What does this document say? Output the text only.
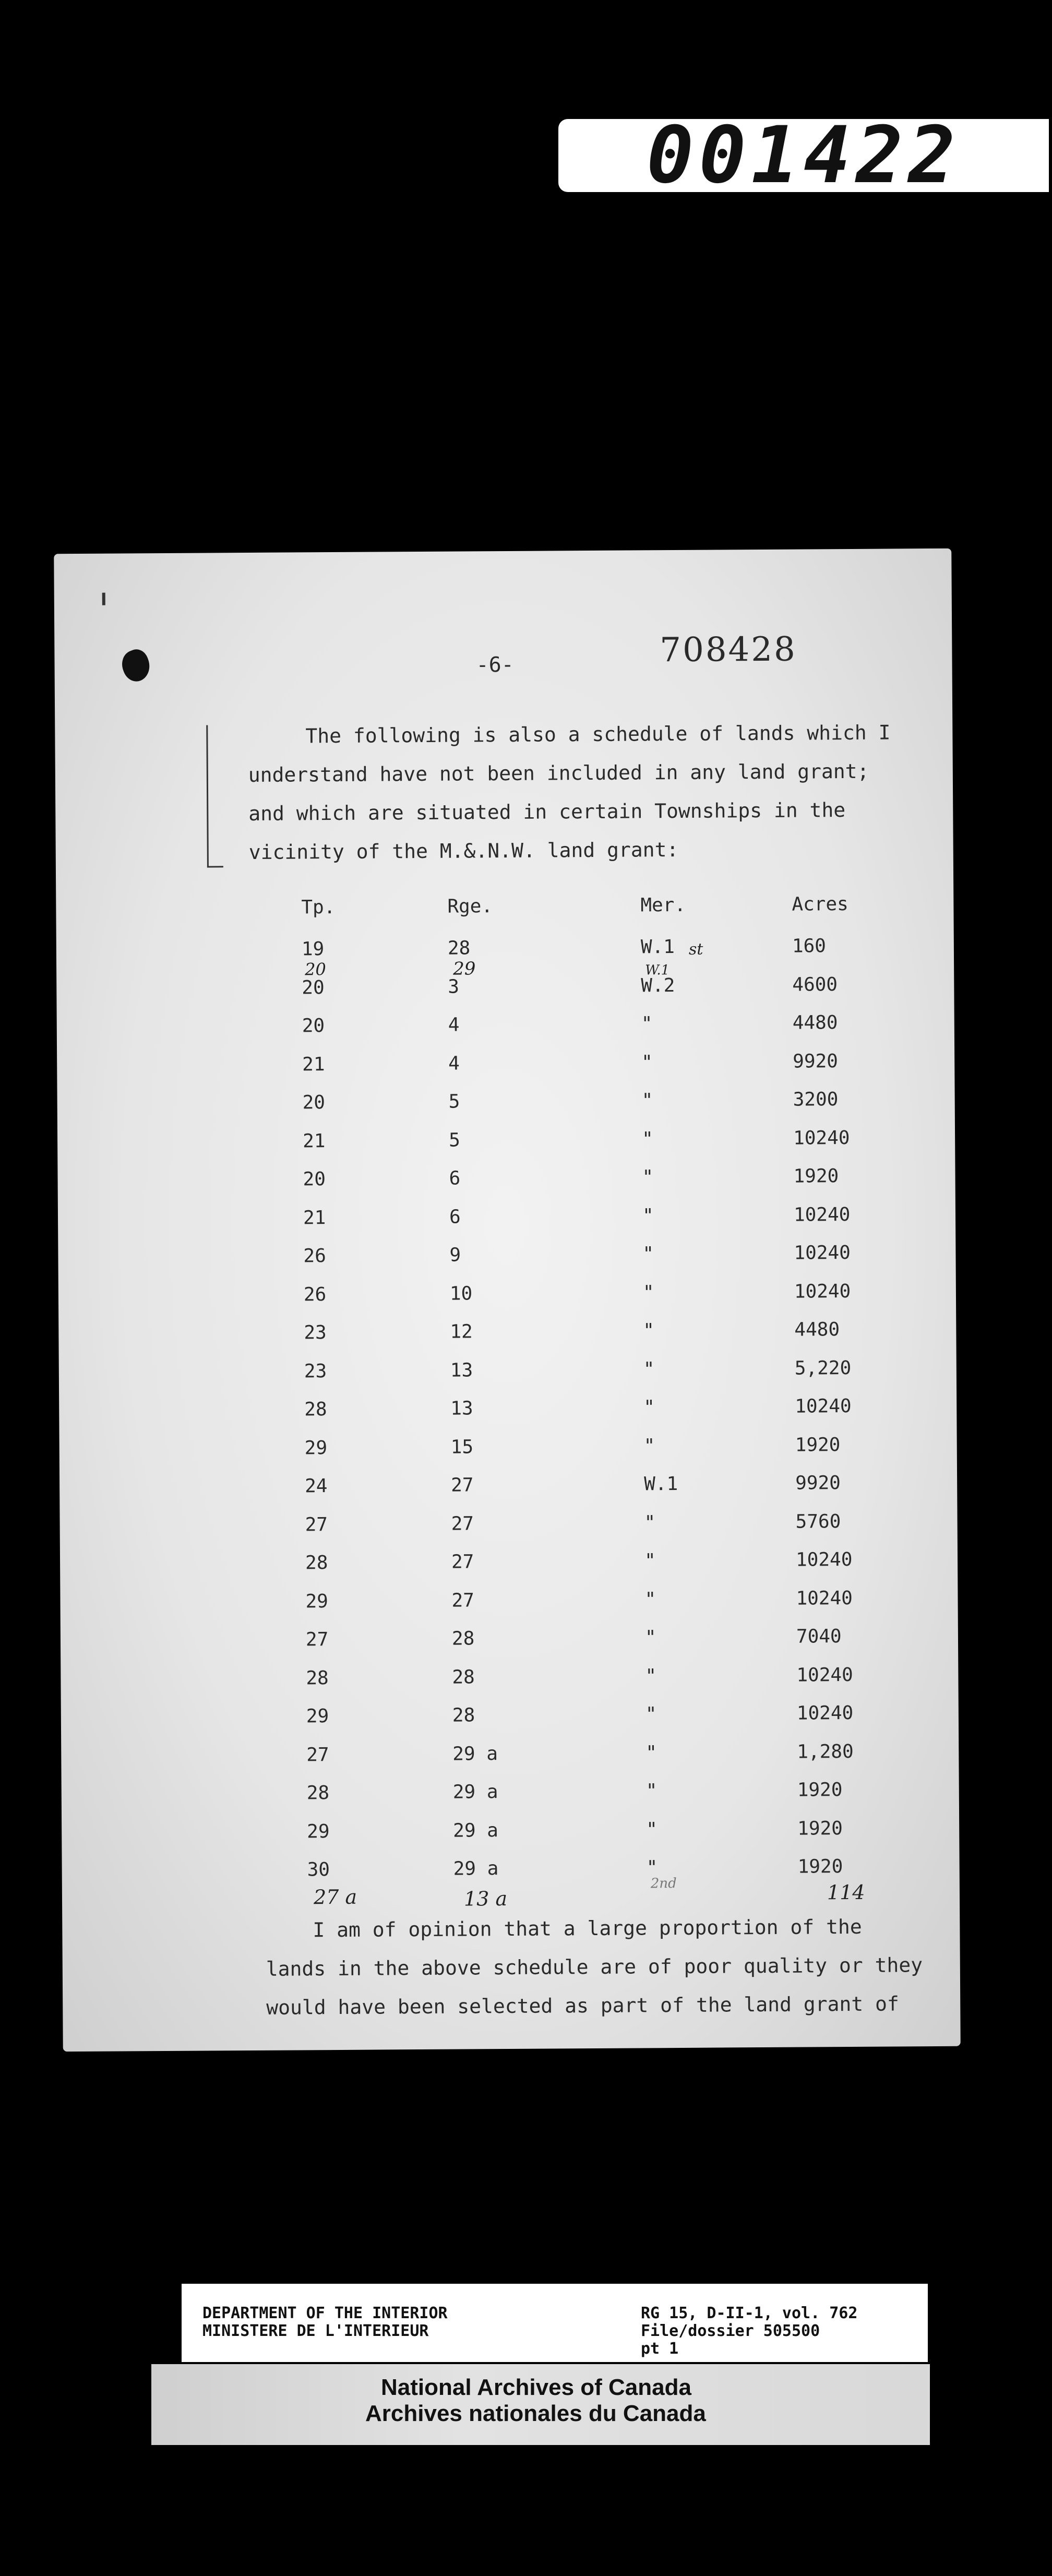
001422
-6-	708428
The following is also a schedule of lands which I
understand have not been included in any land grant;
and which are situated in certain Townships in the
vicinity of the M.&.N.W. land grant:
Tp.	Rge.	Mer.	Acres
19	28	W.1	160
20	3	W.2	4600
20	4	"	4480
21	4	"	9920
20	5	"	3200
21	5	"	10240
20	6	"	1920
21	6	"	10240
26	9	"	10240
26	10	"	10240
23	12	"	4480
23	13	"	5,220
28	13	"	10240
29	15	"	1920
24	27	W.1	9920
27	27	"	5760
28	27	"	10240
29	27	"	10240
27	28	"	7040
28	28	"	10240
29	28	"	10240
27	29 a	"	1,280
28	29 a	"	1920
29	29 a	"	1920
30	29 a	"	1920
20	29	W.1
st
27 a	13 a
2nd	114
I am of opinion that a large proportion of the
lands in the above schedule are of poor quality or they
would have been selected as part of the land grant of
DEPARTMENT OF THE INTERIOR
MINISTERE DE L'INTERIEUR
RG 15, D-II-1, vol. 762
File/dossier 505500
pt 1
National Archives of Canada
Archives nationales du Canada
